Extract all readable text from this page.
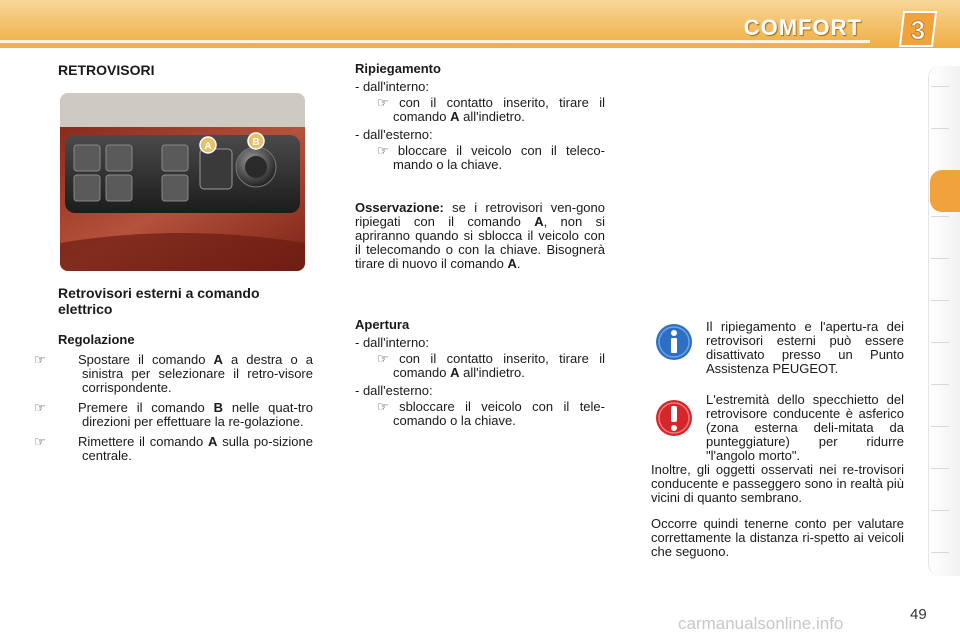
COMFORT 3
RETROVISORI
A	B
Retrovisori esterni a comando elettrico

Regolazione

☞ Spostare il comando A a destra o a sinistra per selezionare il retro-visore corrispondente.

☞ Premere il comando B nelle quat-tro direzioni per effettuare la re-golazione.

☞ Rimettere il comando A sulla po-sizione centrale.

Ripiegamento

- dall'interno:

☞ con il contatto inserito, tirare il comando A all'indietro.

- dall'esterno:

☞ bloccare il veicolo con il teleco-mando o la chiave.

Osservazione: se i retrovisori ven-gono ripiegati con il comando A, non si apriranno quando si sblocca il veicolo con il telecomando o con la chiave. Bisognerà tirare di nuovo il comando A.

Apertura

- dall'interno:

☞ con il contatto inserito, tirare il comando A all'indietro.

- dall'esterno:

☞ sbloccare il veicolo con il tele-comando o la chiave.

Il ripiegamento e l'apertu-ra dei retrovisori esterni può essere disattivato presso un Punto Assistenza PEUGEOT.
L'estremità dello specchietto del retrovisore conducente è asferico (zona esterna deli-mitata da punteggiature) per ridurre "l'angolo morto".
Inoltre, gli oggetti osservati nei re-trovisori conducente e passeggero sono in realtà più vicini di quanto sembrano.
Occorre quindi tenerne conto per valutare correttamente la distanza ri-spetto ai veicoli che seguono.
carmanualsonline.info	49
